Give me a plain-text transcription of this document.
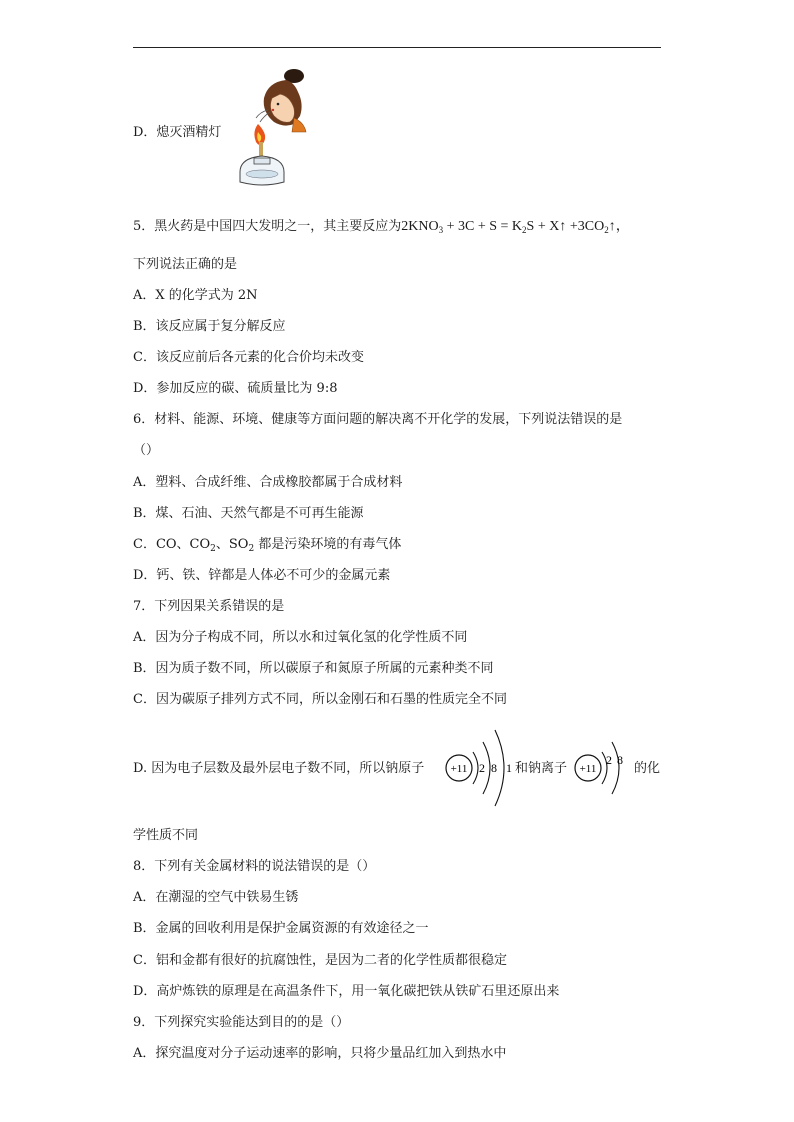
D．熄灭酒精灯
5．黑火药是中国四大发明之一，其主要反应为$2KNO_3 + 3C + S = K_2S$ + X↑ $+3CO_2↑$，
下列说法正确的是
A．X 的化学式为 2N
B．该反应属于复分解反应
C．该反应前后各元素的化合价均未改变
D．参加反应的碳、硫质量比为 9:8
6．材料、能源、环境、健康等方面问题的解决离不开化学的发展，下列说法错误的是
（）
A．塑料、合成纤维、合成橡胶都属于合成材料
B．煤、石油、天然气都是不可再生能源
C．CO、$CO_2$、$SO_2$ 都是污染环境的有毒气体
D．钙、铁、锌都是人体必不可少的金属元素
7．下列因果关系错误的是
A．因为分子构成不同，所以水和过氧化氢的化学性质不同
B．因为质子数不同，所以碳原子和氮原子所属的元素种类不同
C．因为碳原子排列方式不同，所以金刚石和石墨的性质完全不同
D. 因为电子层数及最外层电子数不同，所以钠原子 +11 2 8 1 和钠离子 +11
2 8
的化
学性质不同
8．下列有关金属材料的说法错误的是（）
A．在潮湿的空气中铁易生锈
B．金属的回收利用是保护金属资源的有效途径之一
C．铝和金都有很好的抗腐蚀性，是因为二者的化学性质都很稳定
D．高炉炼铁的原理是在高温条件下，用一氧化碳把铁从铁矿石里还原出来
9．下列探究实验能达到目的的是（）
A．探究温度对分子运动速率的影响，只将少量品红加入到热水中
